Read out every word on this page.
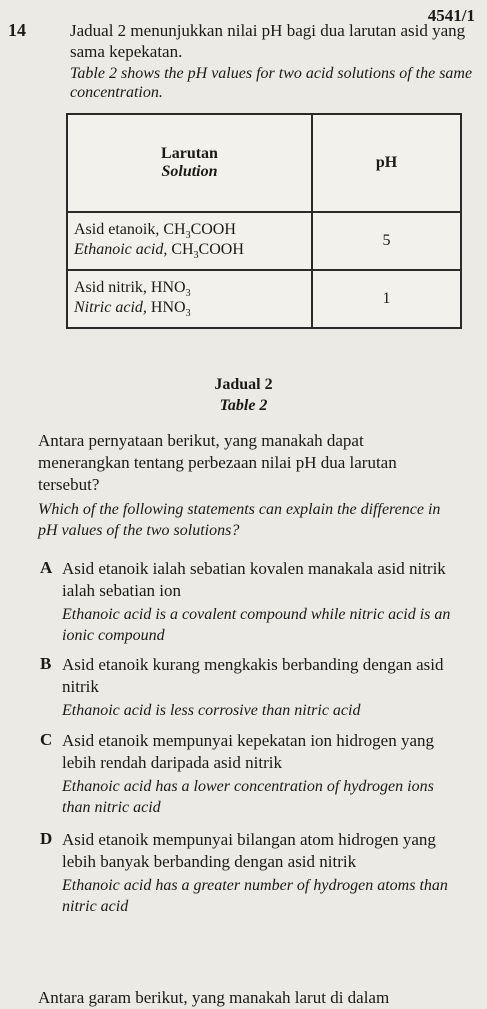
4541/1
14	Jadual 2 menunjukkan nilai pH bagi dua larutan asid yang sama kepekatan.
Table 2 shows the pH values for two acid solutions of the same concentration.
Larutan
Solution	pH

Asid etanoik, $CH_3COOH$
Ethanoic acid, $CH_3COOH$	5

Asid nitrik, $HNO_3$
Nitric acid, $HNO_3$	1
Jadual 2
Table 2
Antara pernyataan berikut, yang manakah dapat menerangkan tentang perbezaan nilai pH dua larutan tersebut?
Which of the following statements can explain the difference in pH values of the two solutions?
A Asid etanoik ialah sebatian kovalen manakala asid nitrik ialah sebatian ion
Ethanoic acid is a covalent compound while nitric acid is an ionic compound
B Asid etanoik kurang mengkakis berbanding dengan asid nitrik
Ethanoic acid is less corrosive than nitric acid
C Asid etanoik mempunyai kepekatan ion hidrogen yang lebih rendah daripada asid nitrik
Ethanoic acid has a lower concentration of hydrogen ions than nitric acid
D Asid etanoik mempunyai bilangan atom hidrogen yang lebih banyak berbanding dengan asid nitrik
Ethanoic acid has a greater number of hydrogen atoms than nitric acid
Antara garam berikut, yang manakah larut di dalam
